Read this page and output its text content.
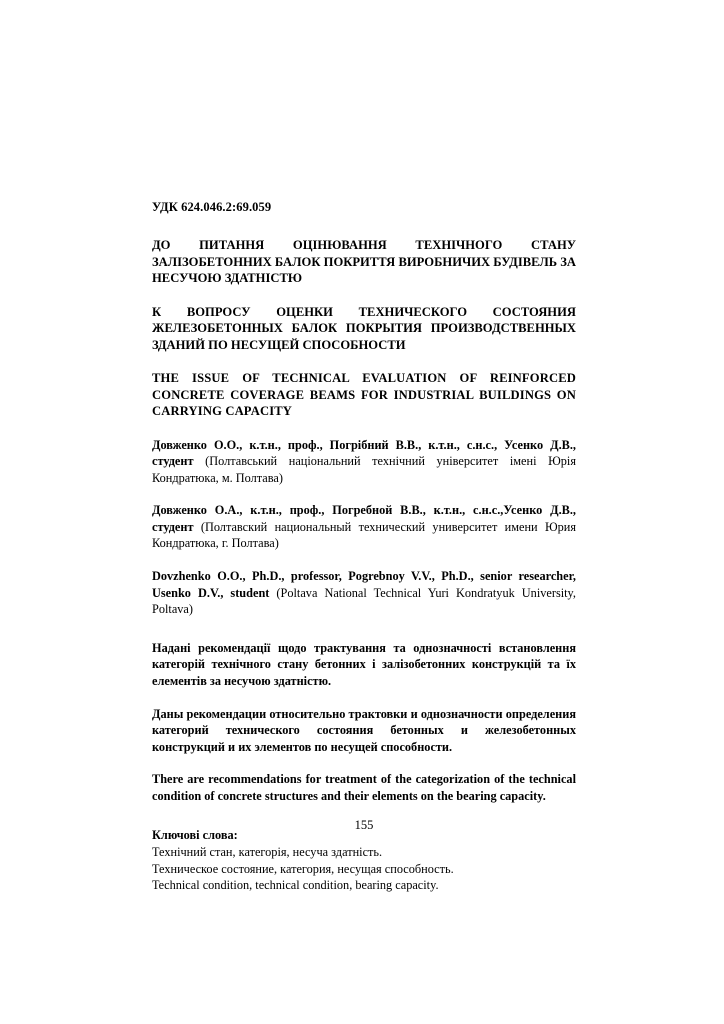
УДК 624.046.2:69.059
ДО ПИТАННЯ ОЦІНЮВАННЯ ТЕХНІЧНОГО СТАНУ ЗАЛІЗОБЕТОННИХ БАЛОК ПОКРИТТЯ ВИРОБНИЧИХ БУДІВЕЛЬ ЗА НЕСУЧОЮ ЗДАТНІСТЮ
К ВОПРОСУ ОЦЕНКИ ТЕХНИЧЕСКОГО СОСТОЯНИЯ ЖЕЛЕЗОБЕТОННЫХ БАЛОК ПОКРЫТИЯ ПРОИЗВОДСТВЕННЫХ ЗДАНИЙ ПО НЕСУЩЕЙ СПОСОБНОСТИ
THE ISSUE OF TECHNICAL EVALUATION OF REINFORCED CONCRETE COVERAGE BEAMS FOR INDUSTRIAL BUILDINGS ON CARRYING CAPACITY
Довженко О.О., к.т.н., проф., Погрібний В.В., к.т.н., с.н.с., Усенко Д.В., студент (Полтавський національний технічний університет імені Юрія Кондратюка, м. Полтава)
Довженко О.А., к.т.н., проф., Погребной В.В., к.т.н., с.н.с.,Усенко Д.В., студент (Полтавский национальный технический университет имени Юрия Кондратюка, г. Полтава)
Dovzhenko O.O., Ph.D., professor, Pogrebnoy V.V., Ph.D., senior researcher, Usenko D.V., student (Poltava National Technical Yuri Kondratyuk University, Poltava)
Надані рекомендації щодо трактування та однозначності встановлення категорій технічного стану бетонних і залізобетонних конструкцій та їх елементів за несучою здатністю.
Даны рекомендации относительно трактовки и однозначности определения категорий технического состояния бетонных и железобетонных конструкций и их элементов по несущей способности.
There are recommendations for treatment of the categorization of the technical condition of concrete structures and their elements on the bearing capacity.
Ключові слова:
Технічний стан, категорія, несуча здатність.
Техническое состояние, категория, несущая способность.
Technical condition, technical condition, bearing capacity.
155
